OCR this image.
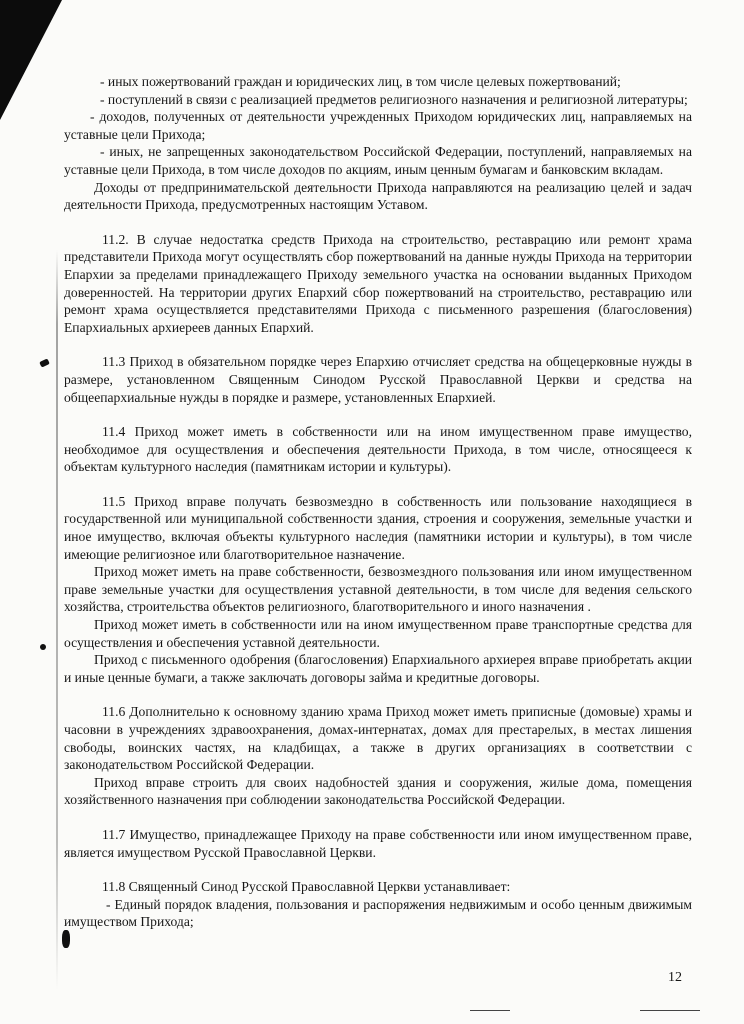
- иных пожертвований граждан и юридических лиц, в том числе целевых пожертвований;

- поступлений в связи с реализацией предметов религиозного назначения и религиозной литературы;

- доходов, полученных от деятельности учрежденных Приходом юридических лиц, направляемых на уставные цели Прихода;

- иных, не запрещенных законодательством Российской Федерации, поступлений, направляемых на уставные цели Прихода, в том числе доходов по акциям, иным ценным бумагам и банковским вкладам.

Доходы от предпринимательской деятельности Прихода направляются на реализацию целей и задач деятельности Прихода, предусмотренных настоящим Уставом.

11.2. В случае недостатка средств Прихода на строительство, реставрацию или ремонт храма представители Прихода могут осуществлять сбор пожертвований на данные нужды Прихода на территории Епархии за пределами принадлежащего Приходу земельного участка на основании выданных Приходом доверенностей. На территории других Епархий сбор пожертвований на строительство, реставрацию или ремонт храма осуществляется представителями Прихода с письменного разрешения (благословения) Епархиальных архиереев данных Епархий.

11.3 Приход в обязательном порядке через Епархию отчисляет средства на общецерковные нужды в размере, установленном Священным Синодом Русской Православной Церкви и средства на общеепархиальные нужды в порядке и размере, установленных Епархией.

11.4 Приход может иметь в собственности или на ином имущественном праве имущество, необходимое для осуществления и обеспечения деятельности Прихода, в том числе, относящееся к объектам культурного наследия (памятникам истории и культуры).

11.5 Приход вправе получать безвозмездно в собственность или пользование находящиеся в государственной или муниципальной собственности здания, строения и сооружения, земельные участки и иное имущество, включая объекты культурного наследия (памятники истории и культуры), в том числе имеющие религиозное или благотворительное назначение.

Приход может иметь на праве собственности, безвозмездного пользования или ином имущественном праве земельные участки для осуществления уставной деятельности, в том числе для ведения сельского хозяйства, строительства объектов религиозного, благотворительного и иного назначения .

Приход может иметь в собственности или на ином имущественном праве транспортные средства для осуществления и обеспечения уставной деятельности.

Приход с письменного одобрения (благословения) Епархиального архиерея вправе приобретать акции и иные ценные бумаги, а также заключать договоры займа и кредитные договоры.

11.6 Дополнительно к основному зданию храма Приход может иметь приписные (домовые) храмы и часовни в учреждениях здравоохранения, домах-интернатах, домах для престарелых, в местах лишения свободы, воинских частях, на кладбищах, а также в других организациях в соответствии с законодательством Российской Федерации.

Приход вправе строить для своих надобностей здания и сооружения, жилые дома, помещения хозяйственного назначения при соблюдении законодательства Российской Федерации.

11.7 Имущество, принадлежащее Приходу на праве собственности или ином имущественном праве, является имуществом Русской Православной Церкви.

11.8 Священный Синод Русской Православной Церкви устанавливает:

- Единый порядок владения, пользования и распоряжения недвижимым и особо ценным движимым имуществом Прихода;

12
